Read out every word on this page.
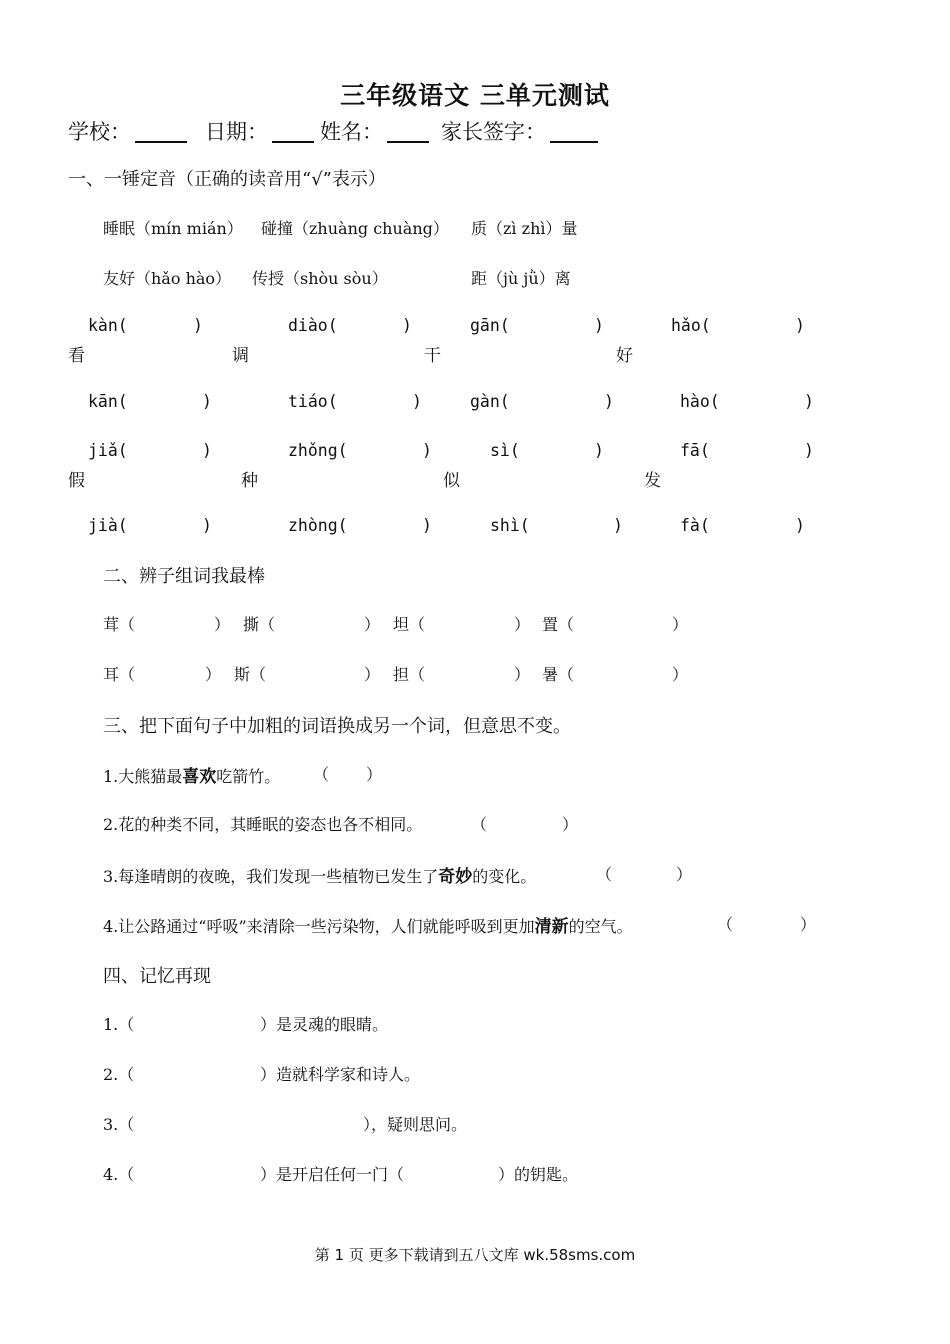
三年级语文 三单元测试
学校：	日期： 姓名：	家长签字：
一、一锤定音（正确的读音用“√”表示）
睡眠（mín mián） 碰撞（zhuàng chuàng） 质（zì zhì）量
友好（hǎo hào） 传授（shòu sòu）	距（jù jǜ）离
kàn(	)	diào(	)	gān(	)	hǎo(	)
看	调	干	好
kān(	)	tiáo(	)	gàn(	)	hào(	)
jiǎ(	)	zhǒng(	)	sì(	)	fā(	)
假	种	似	发
jià(	)	zhòng(	)	shì(	)	fà(	)
二、辨子组词我最棒
茸（	） 撕（	） 坦（	） 置（	）
耳（	） 斯（	） 担（	） 暑（	）
三、把下面句子中加粗的词语换成另一个词，但意思不变。
1.大熊猫最喜欢吃箭竹。 （ ）
2.花的种类不同，其睡眠的姿态也各不相同。	（	）
3.每逢晴朗的夜晚，我们发现一些植物已发生了奇妙的变化。	（	）
4.让公路通过“呼吸”来清除一些污染物，人们就能呼吸到更加清新的空气。	（	）
四、记忆再现
1.（	）是灵魂的眼睛。
2.（	）造就科学家和诗人。
3.（	），疑则思问。
4.（	）是开启任何一门（	）的钥匙。
第 1 页 更多下载请到五八文库 wk.58sms.com
